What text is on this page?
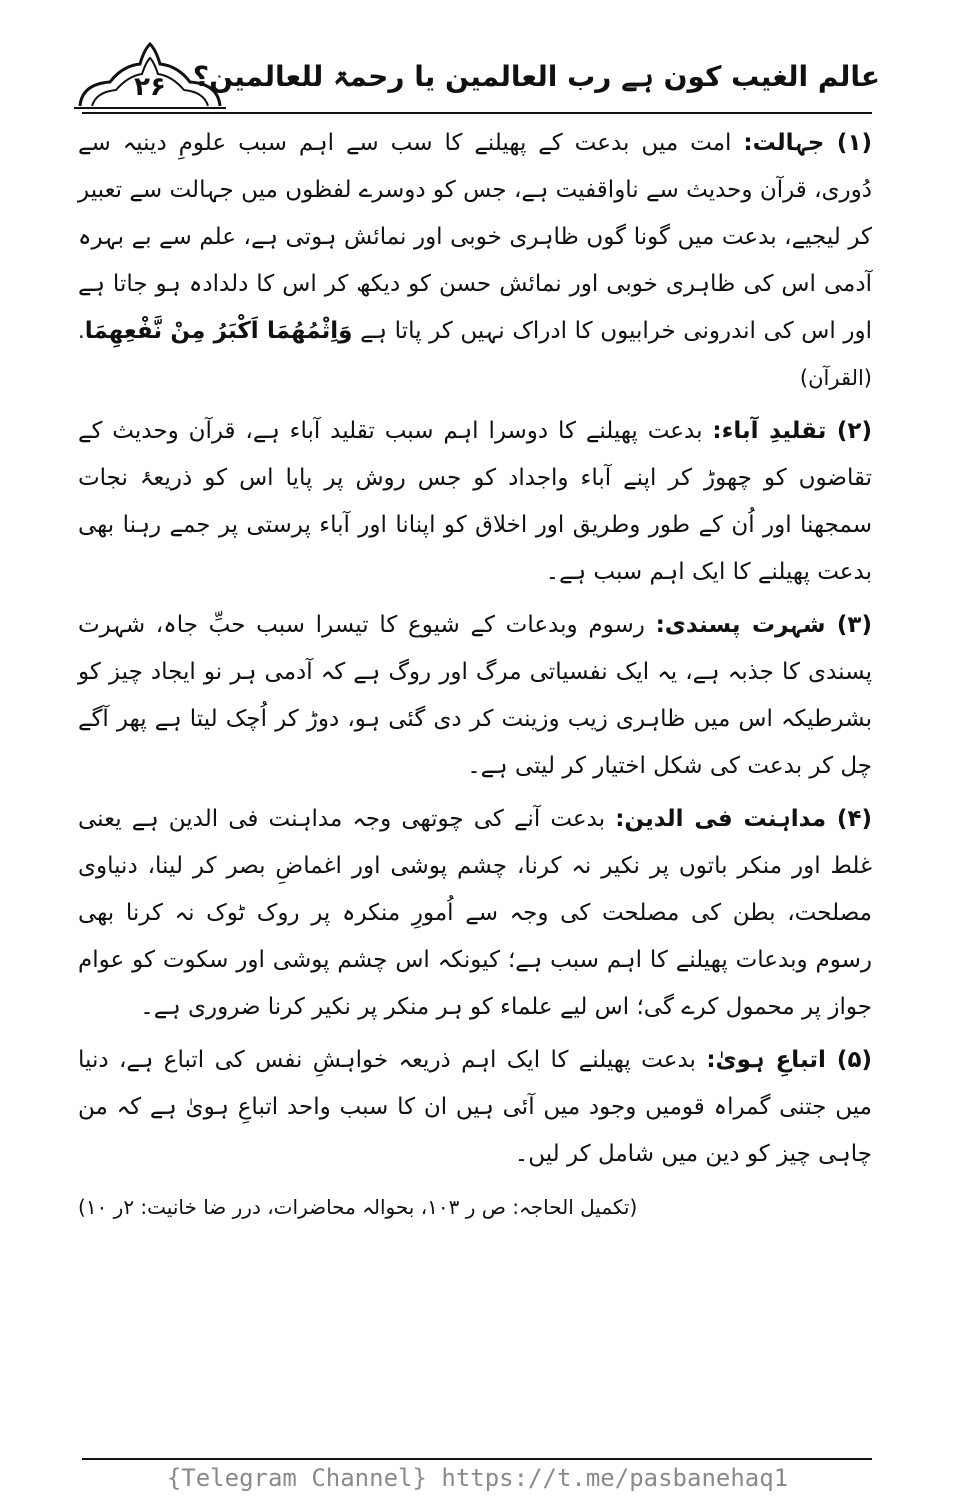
۲۶ عالم الغیب کون ہے رب العالمین یا رحمۃ للعالمین؟

(۱) جہالت: امت میں بدعت کے پھیلنے کا سب سے اہم سبب علومِ دینیہ سے دُوری، قرآن وحدیث سے ناواقفیت ہے، جس کو دوسرے لفظوں میں جہالت سے تعبیر کر لیجیے، بدعت میں گونا گوں ظاہری خوبی اور نمائش ہوتی ہے، علم سے بے بہرہ آدمی اس کی ظاہری خوبی اور نمائش حسن کو دیکھ کر اس کا دلدادہ ہو جاتا ہے اور اس کی اندرونی خرابیوں کا ادراک نہیں کر پاتا ہے وَاِثْمُهُمَا اَكْبَرُ مِنْ نَّفْعِهِمَا.(القرآن)

(۲) تقلیدِ آباء: بدعت پھیلنے کا دوسرا اہم سبب تقلید آباء ہے، قرآن وحدیث کے تقاضوں کو چھوڑ کر اپنے آباء واجداد کو جس روش پر پایا اس کو ذریعۂ نجات سمجھنا اور اُن کے طور وطریق اور اخلاق کو اپنانا اور آباء پرستی پر جمے رہنا بھی بدعت پھیلنے کا ایک اہم سبب ہے۔

(۳) شہرت پسندی: رسوم وبدعات کے شیوع کا تیسرا سبب حبِّ جاہ، شہرت پسندی کا جذبہ ہے، یہ ایک نفسیاتی مرگ اور روگ ہے کہ آدمی ہر نو ایجاد چیز کو بشرطیکہ اس میں ظاہری زیب وزینت کر دی گئی ہو، دوڑ کر اُچک لیتا ہے پھر آگے چل کر بدعت کی شکل اختیار کر لیتی ہے۔

(۴) مداہنت فی الدین: بدعت آنے کی چوتھی وجہ مداہنت فی الدین ہے یعنی غلط اور منکر باتوں پر نکیر نہ کرنا، چشم پوشی اور اغماضِ بصر کر لینا، دنیاوی مصلحت، بطن کی مصلحت کی وجہ سے اُمورِ منکرہ پر روک ٹوک نہ کرنا بھی رسوم وبدعات پھیلنے کا اہم سبب ہے؛ کیونکہ اس چشم پوشی اور سکوت کو عوام جواز پر محمول کرے گی؛ اس لیے علماء کو ہر منکر پر نکیر کرنا ضروری ہے۔

(۵) اتباعِ ہویٰ: بدعت پھیلنے کا ایک اہم ذریعہ خواہشِ نفس کی اتباع ہے، دنیا میں جتنی گمراہ قومیں وجود میں آئی ہیں ان کا سبب واحد اتباعِ ہویٰ ہے کہ من چاہی چیز کو دین میں شامل کر لیں۔

(تکمیل الحاجہ: ص ر ۱۰۳، بحوالہ محاضرات، درر ضا خانیت: ۲ر ۱۰)
{Telegram Channel} https://t.me/pasbanehaq1
